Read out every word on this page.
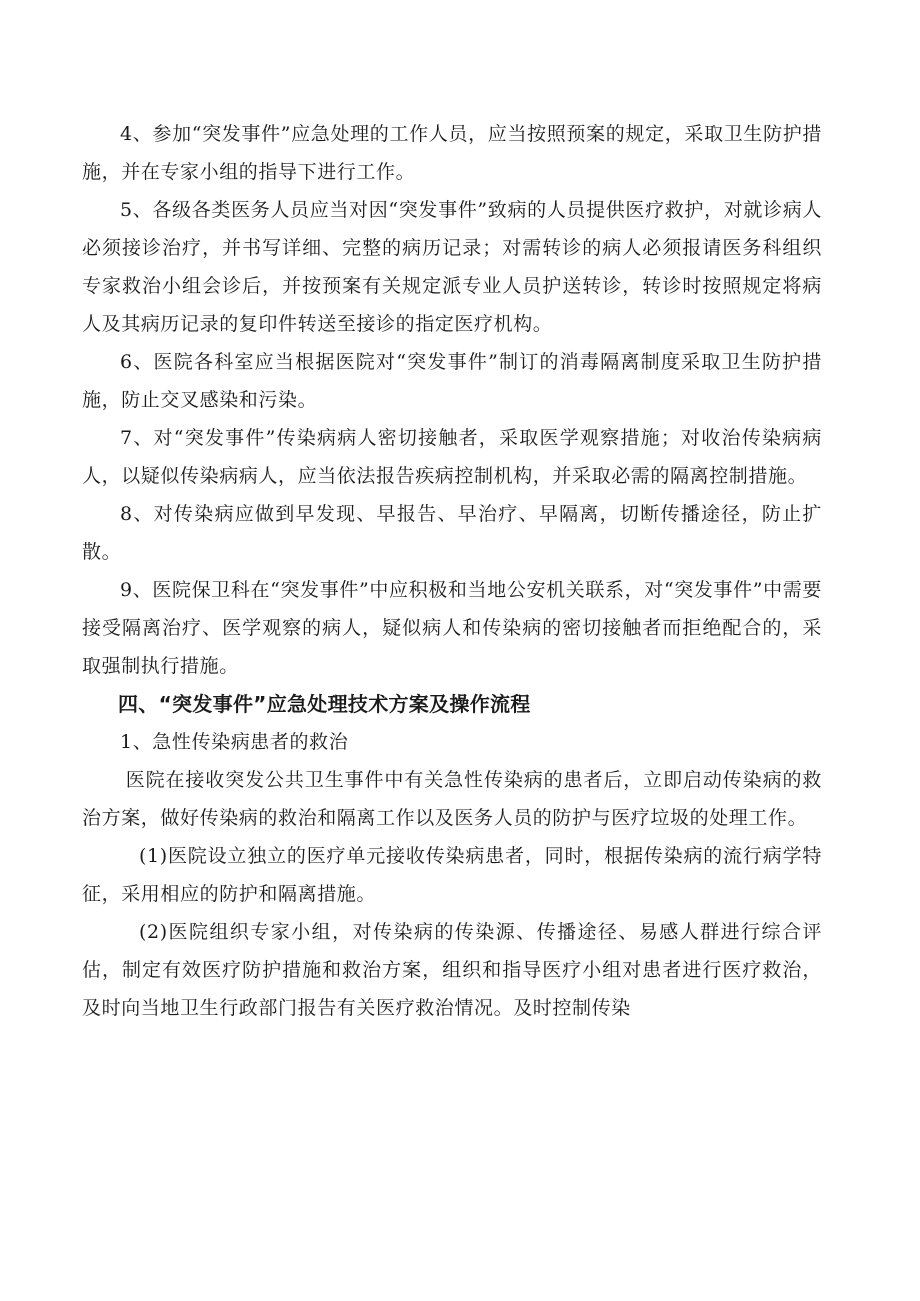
4、参加“突发事件”应急处理的工作人员，应当按照预案的规定，采取卫生防护措施，并在专家小组的指导下进行工作。

5、各级各类医务人员应当对因“突发事件”致病的人员提供医疗救护，对就诊病人必须接诊治疗，并书写详细、完整的病历记录；对需转诊的病人必须报请医务科组织专家救治小组会诊后，并按预案有关规定派专业人员护送转诊，转诊时按照规定将病人及其病历记录的复印件转送至接诊的指定医疗机构。

6、医院各科室应当根据医院对“突发事件”制订的消毒隔离制度采取卫生防护措施，防止交叉感染和污染。

7、对“突发事件”传染病病人密切接触者，采取医学观察措施；对收治传染病病人，以疑似传染病病人，应当依法报告疾病控制机构，并采取必需的隔离控制措施。

8、对传染病应做到早发现、早报告、早治疗、早隔离，切断传播途径，防止扩散。

9、医院保卫科在“突发事件”中应积极和当地公安机关联系，对“突发事件”中需要接受隔离治疗、医学观察的病人，疑似病人和传染病的密切接触者而拒绝配合的，采取强制执行措施。

四、“突发事件”应急处理技术方案及操作流程

1、急性传染病患者的救治

医院在接收突发公共卫生事件中有关急性传染病的患者后，立即启动传染病的救治方案，做好传染病的救治和隔离工作以及医务人员的防护与医疗垃圾的处理工作。

(1)医院设立独立的医疗单元接收传染病患者，同时，根据传染病的流行病学特征，采用相应的防护和隔离措施。

(2)医院组织专家小组，对传染病的传染源、传播途径、易感人群进行综合评估，制定有效医疗防护措施和救治方案，组织和指导医疗小组对患者进行医疗救治，及时向当地卫生行政部门报告有关医疗救治情况。及时控制传染
